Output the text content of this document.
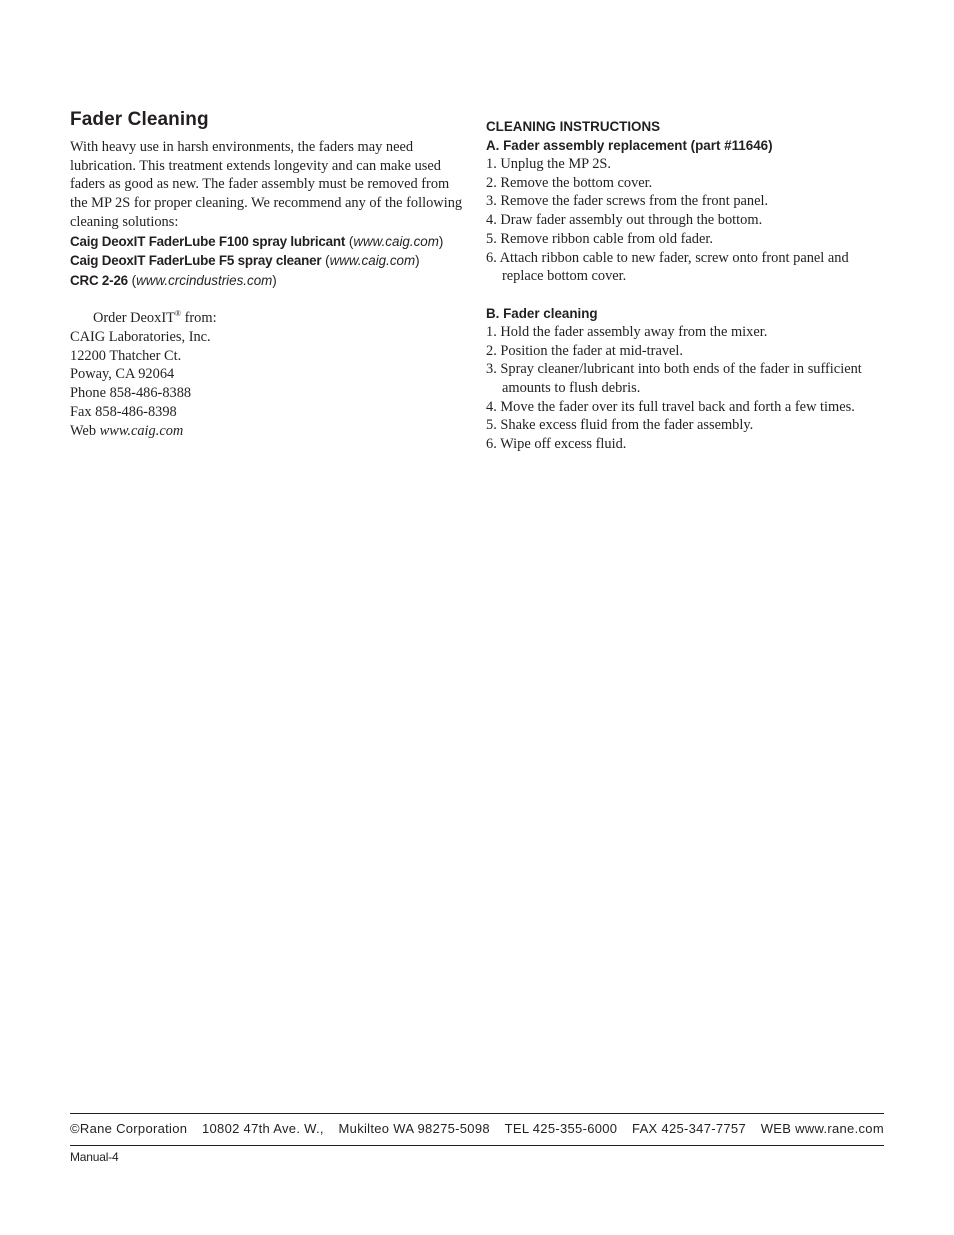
Fader Cleaning

With heavy use in harsh environments, the faders may need lubrication. This treatment extends longevity and can make used faders as good as new. The fader assembly must be removed from the MP 2S for proper cleaning. We recommend any of the following cleaning solutions:

Caig DeoxIT FaderLube F100 spray lubricant (www.caig.com)
Caig DeoxIT FaderLube F5 spray cleaner (www.caig.com)
CRC 2-26 (www.crcindustries.com)

Order DeoxIT® from:

CAIG Laboratories, Inc.

12200 Thatcher Ct.

Poway, CA 92064

Phone 858-486-8388

Fax 858-486-8398

Web www.caig.com

CLEANING INSTRUCTIONS
A. Fader assembly replacement (part #11646)
1. Unplug the MP 2S.
2. Remove the bottom cover.
3. Remove the fader screws from the front panel.
4. Draw fader assembly out through the bottom.
5. Remove ribbon cable from old fader.
6. Attach ribbon cable to new fader, screw onto front panel and replace bottom cover.
B. Fader cleaning
1. Hold the fader assembly away from the mixer.
2. Position the fader at mid-travel.
3. Spray cleaner/lubricant into both ends of the fader in sufficient amounts to flush debris.
4. Move the fader over its full travel back and forth a few times.
5. Shake excess fluid from the fader assembly.
6. Wipe off excess fluid.
©Rane Corporation 10802 47th Ave. W., Mukilteo WA 98275-5098 TEL 425-355-6000 FAX 425-347-7757 WEB www.rane.com
Manual-4
